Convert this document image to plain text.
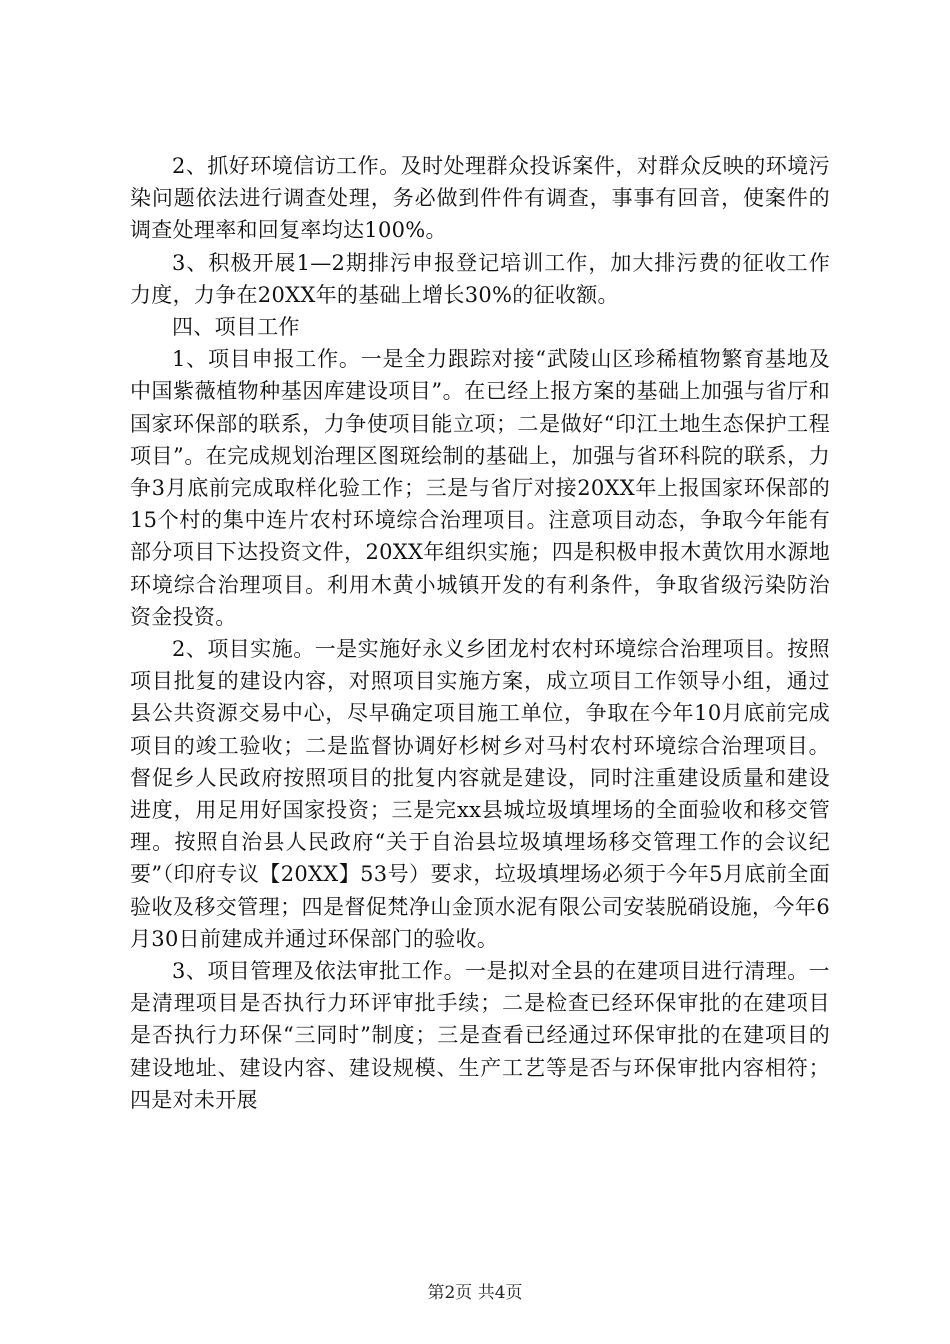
2、抓好环境信访工作。及时处理群众投诉案件，对群众反映的环境污染问题依法进行调查处理，务必做到件件有调查，事事有回音，使案件的调查处理率和回复率均达100%。

3、积极开展1—2期排污申报登记培训工作，加大排污费的征收工作力度，力争在20XX年的基础上增长30%的征收额。

四、项目工作

1、项目申报工作。一是全力跟踪对接“武陵山区珍稀植物繁育基地及中国紫薇植物种基因库建设项目”。在已经上报方案的基础上加强与省厅和国家环保部的联系，力争使项目能立项；二是做好“印江土地生态保护工程项目”。在完成规划治理区图斑绘制的基础上，加强与省环科院的联系，力争3月底前完成取样化验工作；三是与省厅对接20XX年上报国家环保部的15个村的集中连片农村环境综合治理项目。注意项目动态，争取今年能有部分项目下达投资文件，20XX年组织实施；四是积极申报木黄饮用水源地环境综合治理项目。利用木黄小城镇开发的有利条件，争取省级污染防治资金投资。

2、项目实施。一是实施好永义乡团龙村农村环境综合治理项目。按照项目批复的建设内容，对照项目实施方案，成立项目工作领导小组，通过县公共资源交易中心，尽早确定项目施工单位，争取在今年10月底前完成项目的竣工验收；二是监督协调好杉树乡对马村农村环境综合治理项目。督促乡人民政府按照项目的批复内容就是建设，同时注重建设质量和建设进度，用足用好国家投资；三是完xx县城垃圾填埋场的全面验收和移交管理。按照自治县人民政府“关于自治县垃圾填埋场移交管理工作的会议纪要”（印府专议【20XX】53号）要求，垃圾填埋场必须于今年5月底前全面验收及移交管理；四是督促梵净山金顶水泥有限公司安装脱硝设施，今年6月30日前建成并通过环保部门的验收。

3、项目管理及依法审批工作。一是拟对全县的在建项目进行清理。一是清理项目是否执行力环评审批手续；二是检查已经环保审批的在建项目是否执行力环保“三同时”制度；三是查看已经通过环保审批的在建项目的建设地址、建设内容、建设规模、生产工艺等是否与环保审批内容相符；四是对未开展

第2页 共4页
